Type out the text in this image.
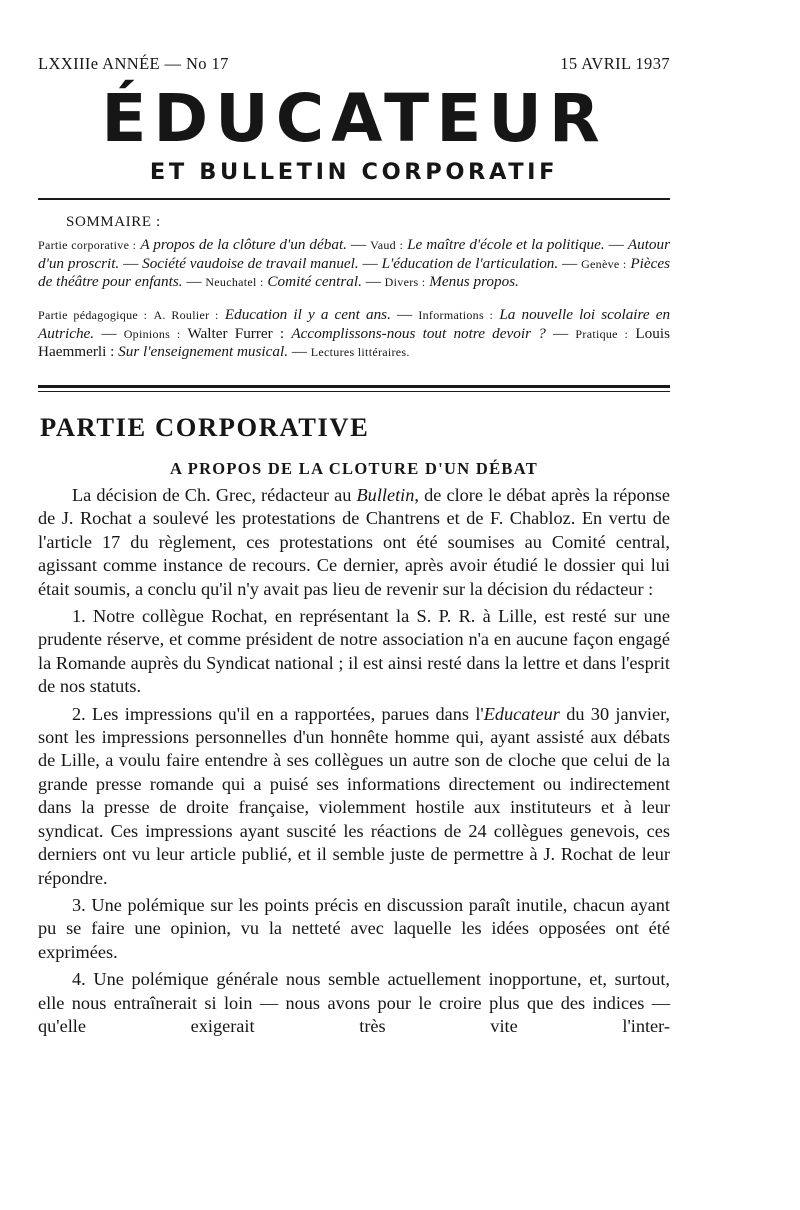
LXXIIIe ANNÉE — No 17	15 AVRIL 1937
ÉDUCATEUR
ET BULLETIN CORPORATIF
SOMMAIRE :
Partie corporative : A propos de la clôture d'un débat. — Vaud : Le maître d'école et la politique. — Autour d'un proscrit. — Société vaudoise de travail manuel. — L'éducation de l'articulation. — Genève : Pièces de théâtre pour enfants. — Neuchatel : Comité central. — Divers : Menus propos.
Partie pédagogique : A. Roulier : Education il y a cent ans. — Informations : La nouvelle loi scolaire en Autriche. — Opinions : Walter Furrer : Accomplissons-nous tout notre devoir ? — Pratique : Louis Haemmerli : Sur l'enseignement musical. — Lectures littéraires.
PARTIE CORPORATIVE
A PROPOS DE LA CLOTURE D'UN DÉBAT

La décision de Ch. Grec, rédacteur au Bulletin, de clore le débat après la réponse de J. Rochat a soulevé les protestations de Chantrens et de F. Chabloz. En vertu de l'article 17 du règlement, ces protestations ont été soumises au Comité central, agissant comme instance de recours. Ce dernier, après avoir étudié le dossier qui lui était soumis, a conclu qu'il n'y avait pas lieu de revenir sur la décision du rédacteur :

1. Notre collègue Rochat, en représentant la S. P. R. à Lille, est resté sur une prudente réserve, et comme président de notre association n'a en aucune façon engagé la Romande auprès du Syndicat national ; il est ainsi resté dans la lettre et dans l'esprit de nos statuts.

2. Les impressions qu'il en a rapportées, parues dans l'Educateur du 30 janvier, sont les impressions personnelles d'un honnête homme qui, ayant assisté aux débats de Lille, a voulu faire entendre à ses collègues un autre son de cloche que celui de la grande presse romande qui a puisé ses informations directement ou indirectement dans la presse de droite française, violemment hostile aux instituteurs et à leur syndicat. Ces impressions ayant suscité les réactions de 24 collègues genevois, ces derniers ont vu leur article publié, et il semble juste de permettre à J. Rochat de leur répondre.

3. Une polémique sur les points précis en discussion paraît inutile, chacun ayant pu se faire une opinion, vu la netteté avec laquelle les idées opposées ont été exprimées.

4. Une polémique générale nous semble actuellement inopportune, et, surtout, elle nous entraînerait si loin — nous avons pour le croire plus que des indices — qu'elle exigerait très vite l'inter-
